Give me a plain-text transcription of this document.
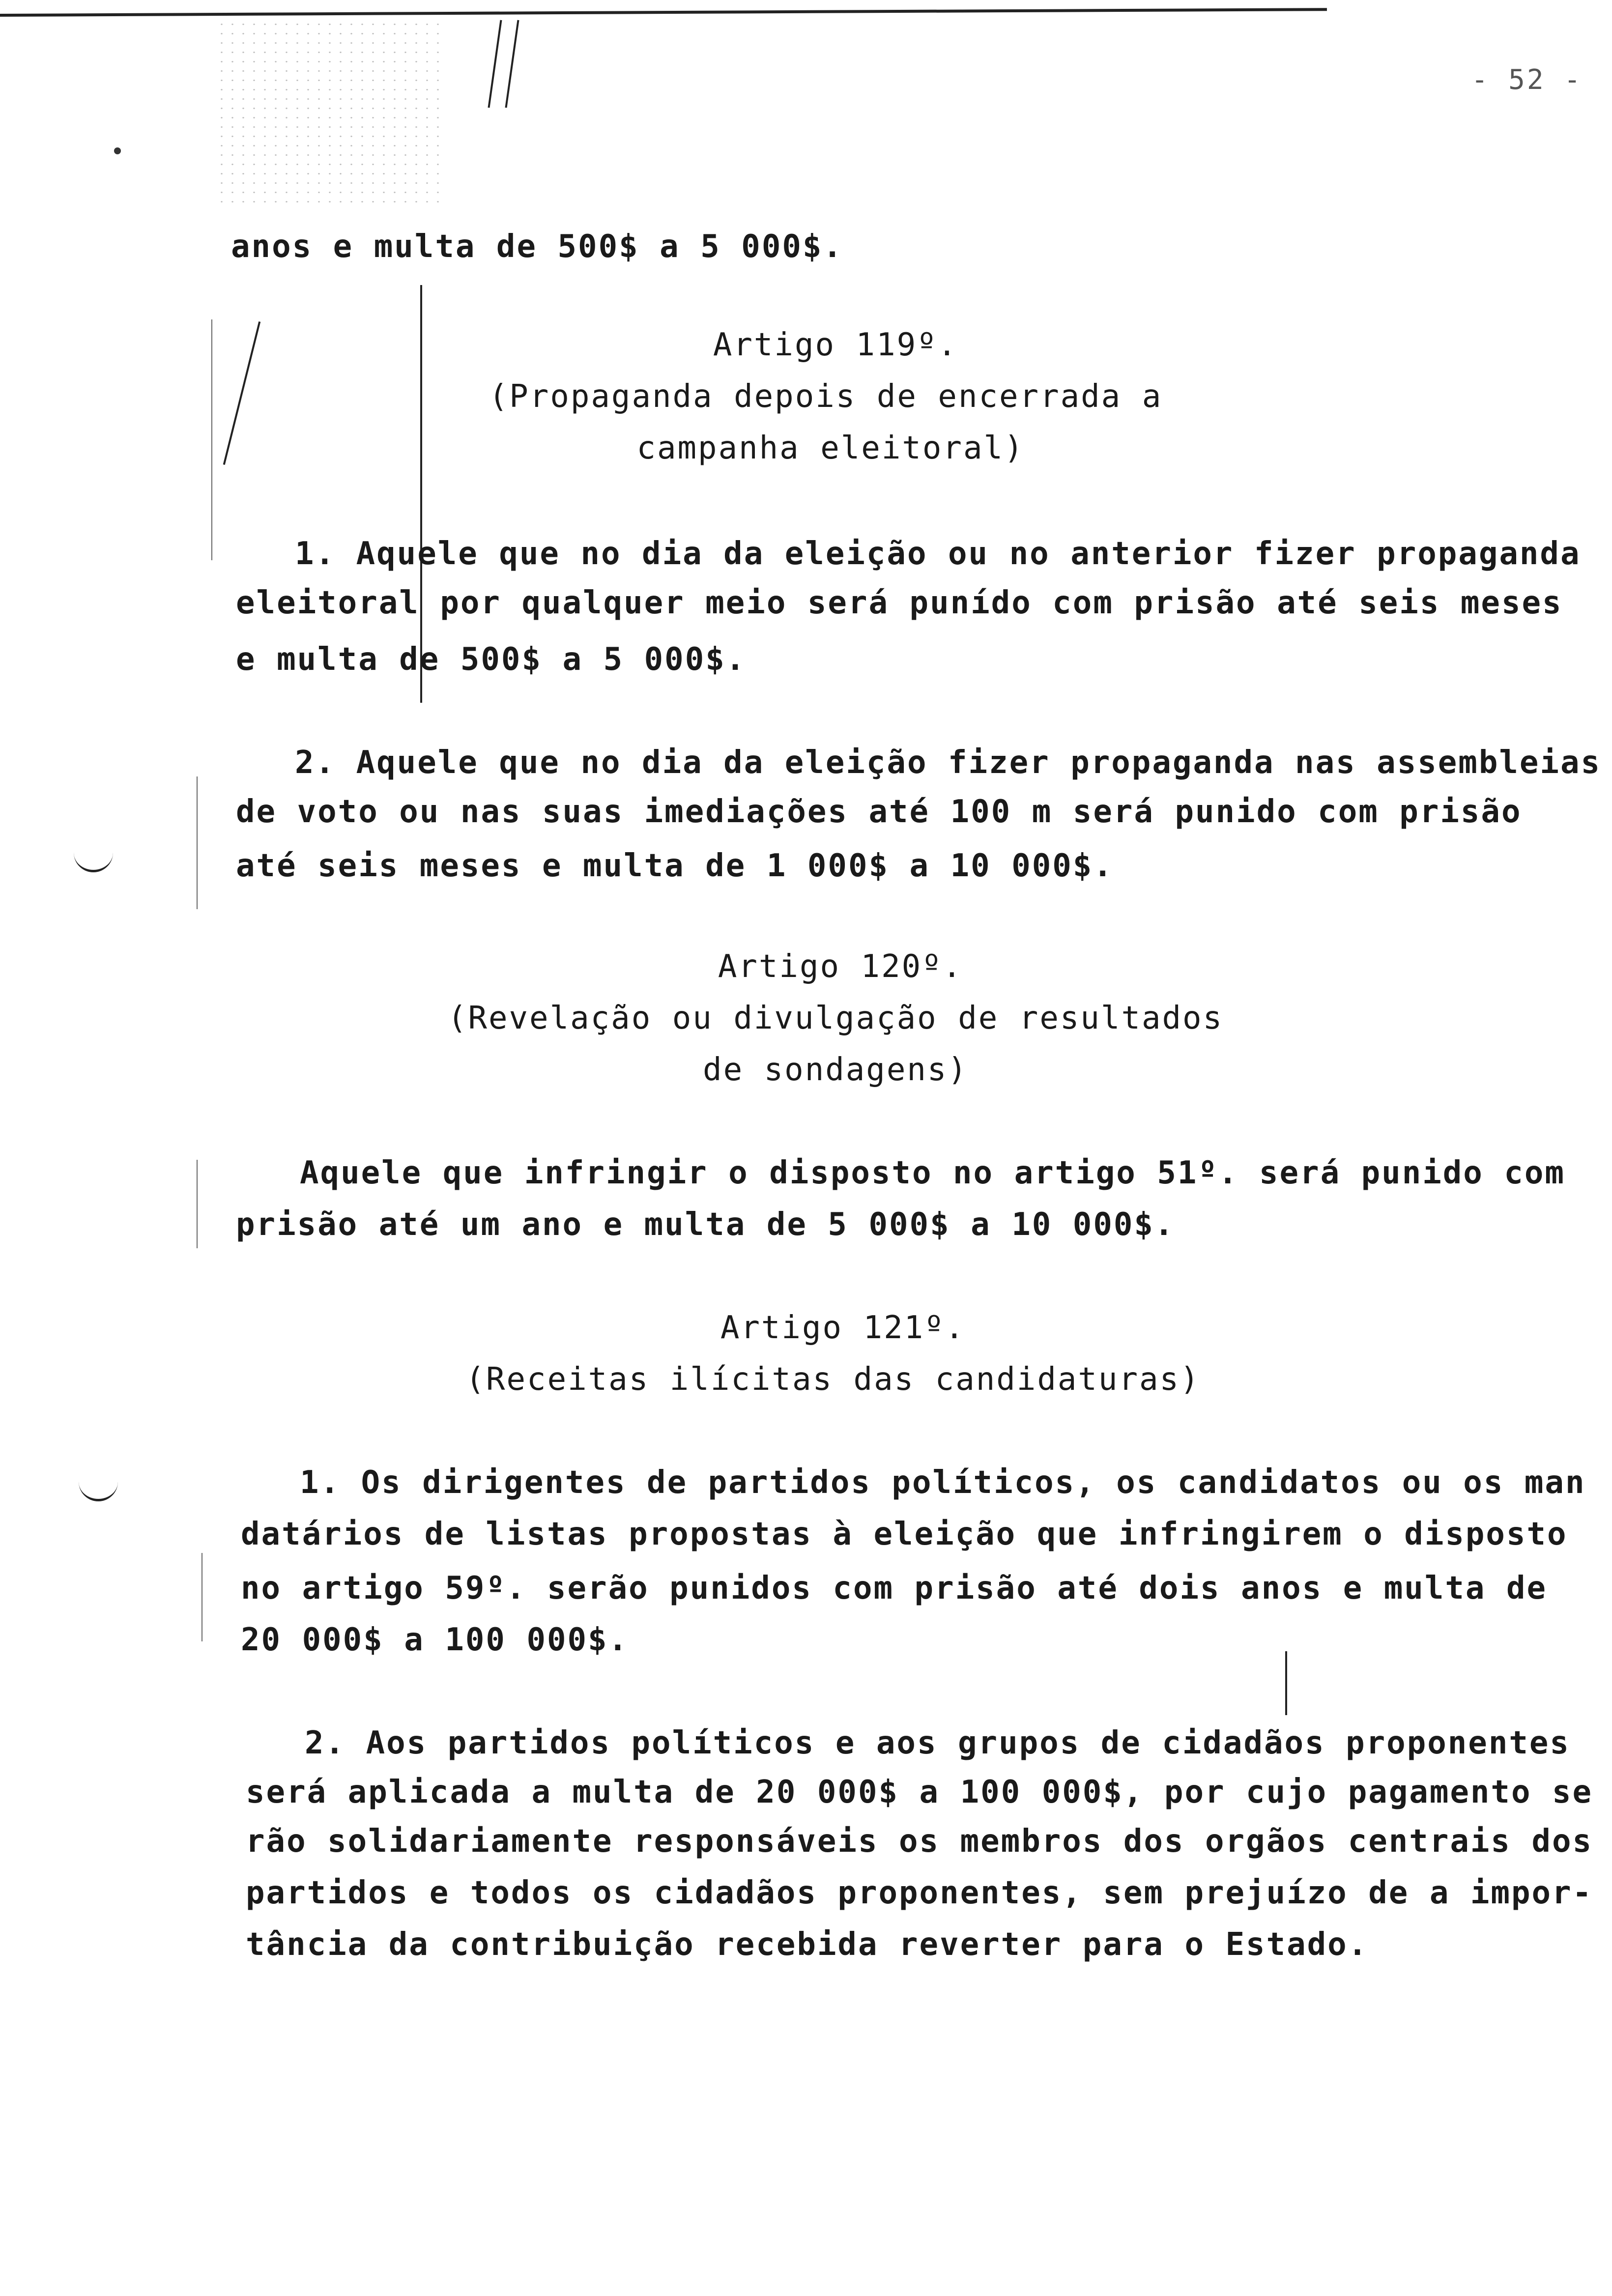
- 52 -
anos e multa de 500$ a 5 000$.
Artigo 119º.
(Propaganda depois de encerrada a
campanha eleitoral)
1. Aquele que no dia da eleição ou no anterior fizer propaganda
eleitoral por qualquer meio será punído com prisão até seis meses
e multa de 500$ a 5 000$.
2. Aquele que no dia da eleição fizer propaganda nas assembleias
de voto ou nas suas imediações até 100 m será punido com prisão
até seis meses e multa de 1 000$ a 10 000$.
Artigo 120º.
(Revelação ou divulgação de resultados
de sondagens)
Aquele que infringir o disposto no artigo 51º. será punido com
prisão até um ano e multa de 5 000$ a 10 000$.
Artigo 121º.
(Receitas ilícitas das candidaturas)
1. Os dirigentes de partidos políticos, os candidatos ou os man
datários de listas propostas à eleição que infringirem o disposto
no artigo 59º. serão punidos com prisão até dois anos e multa de
20 000$ a 100 000$.
2. Aos partidos políticos e aos grupos de cidadãos proponentes
será aplicada a multa de 20 000$ a 100 000$, por cujo pagamento se
rão solidariamente responsáveis os membros dos orgãos centrais dos
partidos e todos os cidadãos proponentes, sem prejuízo de a impor-
tância da contribuição recebida reverter para o Estado.
